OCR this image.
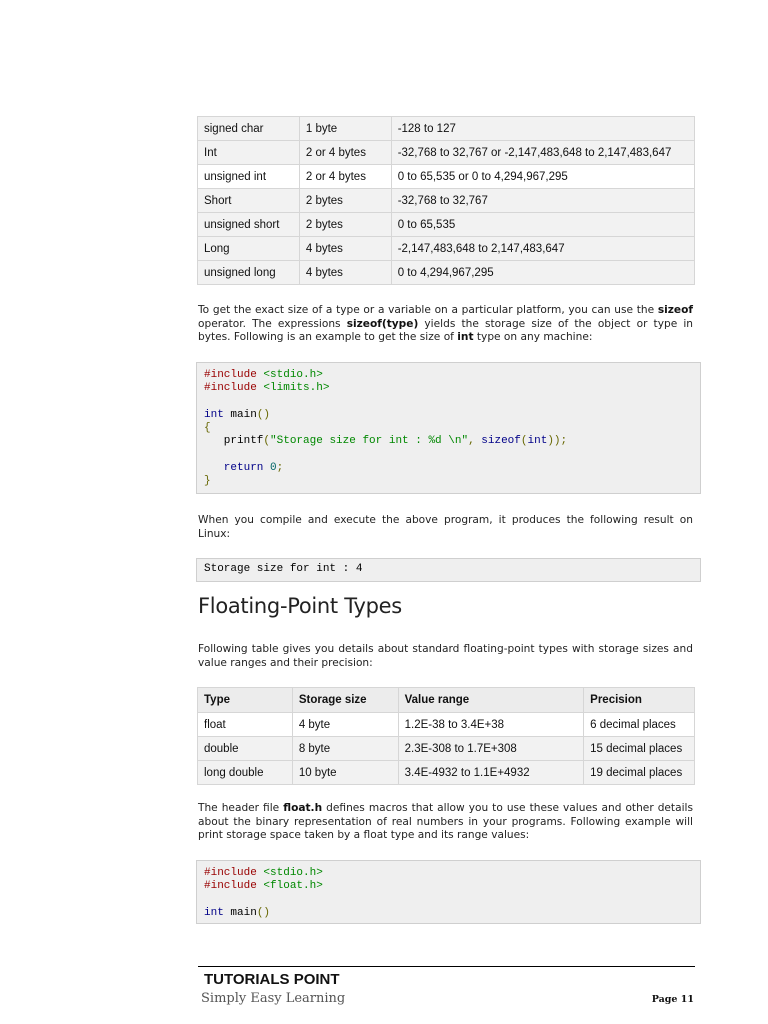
signed char	1 byte	-128 to 127
Int	2 or 4 bytes	-32,768 to 32,767 or -2,147,483,648 to 2,147,483,647
unsigned int	2 or 4 bytes	0 to 65,535 or 0 to 4,294,967,295
Short	2 bytes	-32,768 to 32,767
unsigned short	2 bytes	0 to 65,535
Long	4 bytes	-2,147,483,648 to 2,147,483,647
unsigned long	4 bytes	0 to 4,294,967,295
To get the exact size of a type or a variable on a particular platform, you can use the sizeof operator. The expressions sizeof(type) yields the storage size of the object or type in bytes. Following is an example to get the size of int type on any machine:
#include <stdio.h>
#include <limits.h>
int main()
{
printf("Storage size for int : %d \n", sizeof(int));
return 0;
}
When you compile and execute the above program, it produces the following result on Linux:
Storage size for int : 4
Floating-Point Types
Following table gives you details about standard floating-point types with storage sizes and value ranges and their precision:
Type	Storage size	Value range	Precision
float	4 byte	1.2E-38 to 3.4E+38	6 decimal places
double	8 byte	2.3E-308 to 1.7E+308	15 decimal places
long double	10 byte	3.4E-4932 to 1.1E+4932	19 decimal places
The header file float.h defines macros that allow you to use these values and other details about the binary representation of real numbers in your programs. Following example will print storage space taken by a float type and its range values:
#include <stdio.h>
#include <float.h>
int main()
TUTORIALS POINT
Simply Easy Learning	Page 11
